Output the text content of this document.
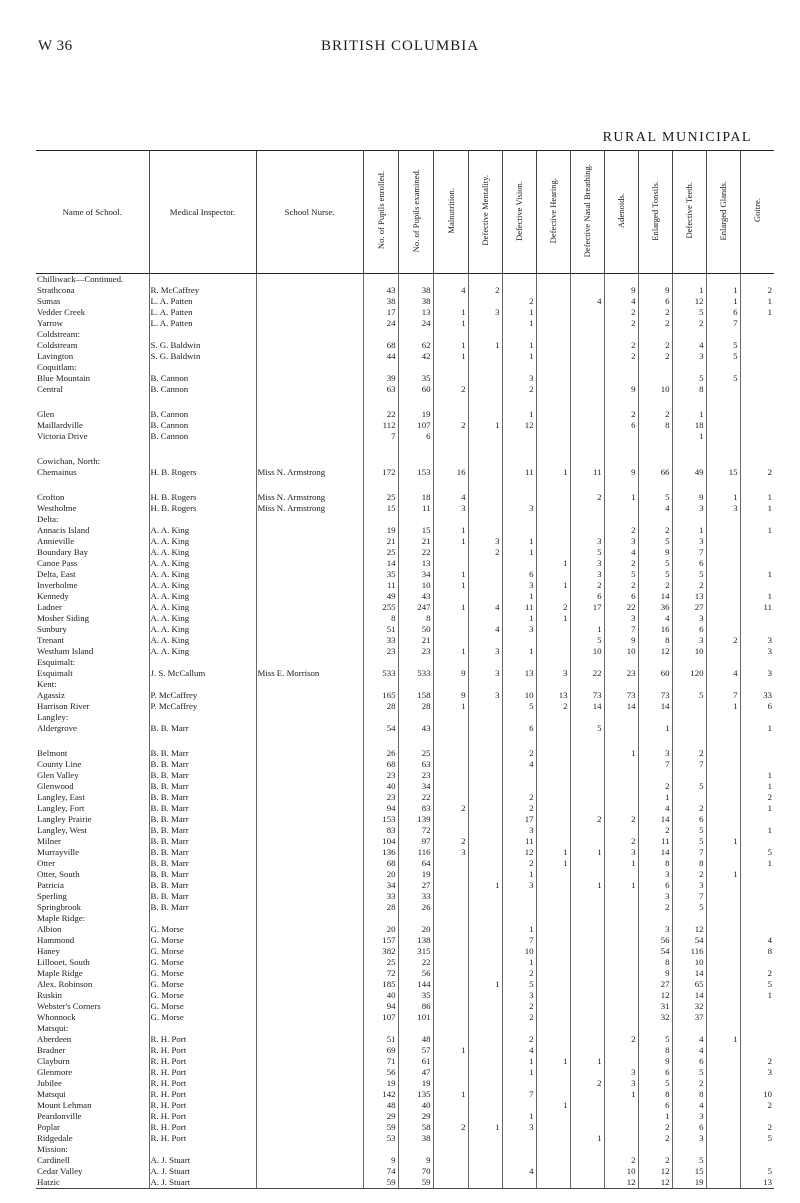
W 36	BRITISH COLUMBIA
RURAL MUNICIPAL
Name of School.	Medical Inspector.	School Nurse.	No. of Pupils enrolled.	No. of Pupils examined.	Malnutrition.	Defective Mentality.	Defective Vision.	Defective Hearing.	Defective Nasal Breathing.	Adenoids.	Enlarged Tonsils.	Defective Teeth.	Enlarged Glands.	Goitre.
Chilliwack—Continued.														
Strathcona	R. McCaffrey		43	38	4	2				9	9	1	1	2
Sumas	L. A. Patten		38	38			2		4	4	6	12	1	1
Vedder Creek	L. A. Patten		17	13	1	3	1			2	2	5	6	1
Yarrow	L. A. Patten		24	24	1		1			2	2	2	7	
Coldstream:														
Coldstream	S. G. Baldwin		68	62	1	1	1			2	2	4	5	
Lavington	S. G. Baldwin		44	42	1		1			2	2	3	5	
Coquitlam:														
Blue Mountain	B. Cannon		39	35			3					5	5	
Central	B. Cannon		63	60	2		2			9	10	8		

Glen	B. Cannon		22	19			1			2	2	1		
Maillardville	B. Cannon		112	107	2	1	12			6	8	18		
Victoria Drive	B. Cannon		7	6								1		

Cowichan, North:														
Chemainus	H. B. Rogers	Miss N. Armstrong	172	153	16		11	1	11	9	66	49	15	2

Crofton	H. B. Rogers	Miss N. Armstrong	25	18	4				2	1	5	9	1	1
Westholme	H. B. Rogers	Miss N. Armstrong	15	11	3		3				4	3	3	1
Delta:														
Annacis Island	A. A. King		19	15	1					2	2	1		1
Annieville	A. A. King		21	21	1	3	1		3	3	5	3		
Boundary Bay	A. A. King		25	22		2	1		5	4	9	7		
Canoe Pass	A. A. King		14	13				1	3	2	5	6		
Delta, East	A. A. King		35	34	1		6		3	5	5	5		1
Inverholme	A. A. King		11	10	1		3	1	2	2	2	2		
Kennedy	A. A. King		49	43			1		6	6	14	13		1
Ladner	A. A. King		255	247	1	4	11	2	17	22	36	27		11
Mosher Siding	A. A. King		8	8			1	1		3	4	3		
Sunbury	A. A. King		51	50		4	3		1	7	16	6		
Trenant	A. A. King		33	21					5	9	8	3	2	3
Westham Island	A. A. King		23	23	1	3	1		10	10	12	10		3
Esquimalt:														
Esquimalt	J. S. McCallum	Miss E. Morrison	533	533	9	3	13	3	22	23	60	120	4	3
Kent:														
Agassiz	P. McCaffrey		165	158	9	3	10	13	73	73	73	5	7	33
Harrison River	P. McCaffrey		28	28	1		5	2	14	14	14		1	6
Langley:														
Aldergrove	B. B. Marr		54	43			6		5		1			1

Belmont	B. B. Marr		26	25			2			1	3	2		
County Line	B. B. Marr		68	63			4				7	7		
Glen Valley	B. B. Marr		23	23										1
Glenwood	B. B. Marr		40	34							2	5		1
Langley, East	B. B. Marr		23	22			2				1			2
Langley, Fort	B. B. Marr		94	83	2		2				4	2		1
Langley Prairie	B. B. Marr		153	139			17		2	2	14	6		
Langley, West	B. B. Marr		83	72			3				2	5		1
Milner	B. B. Marr		104	97	2		11			2	11	5	1	
Murrayville	B. B. Marr		136	116	3		12	1	1	3	14	7		5
Otter	B. B. Marr		68	64			2	1		1	8	8		1
Otter, South	B. B. Marr		20	19			1				3	2	1	
Patricia	B. B. Marr		34	27		1	3		1	1	6	3		
Sperling	B. B. Marr		33	33							3	7		
Springbrook	B. B. Marr		28	26							2	5		
Maple Ridge:														
Albion	G. Morse		20	20			1				3	12		
Hammond	G. Morse		157	138			7				56	54		4
Haney	G. Morse		382	315			10				54	116		8
Lillooet, South	G. Morse		25	22			1				8	10		
Maple Ridge	G. Morse		72	56			2				9	14		2
Alex. Robinson	G. Morse		185	144		1	5				27	65		5
Ruskin	G. Morse		40	35			3				12	14		1
Webster's Corners	G. Morse		94	86			2				31	32		
Whonnock	G. Morse		107	101			2				32	37		
Matsqui:														
Aberdeen	R. H. Port		51	48			2			2	5	4	1	
Bradner	R. H. Port		69	57	1		4				8	4		
Clayburn	R. H. Port		71	61			1	1	1		9	6		2
Glenmore	R. H. Port		56	47			1			3	6	5		3
Jubilee	R. H. Port		19	19					2	3	5	2		
Matsqui	R. H. Port		142	135	1		7			1	8	8		10
Mount Lehman	R. H. Port		48	40				1			6	4		2
Peardonville	R. H. Port		29	29			1				1	3		
Poplar	R. H. Port		59	58	2	1	3				2	6		2
Ridgedale	R. H. Port		53	38					1		2	3		5
Mission:														
Cardinell	A. J. Stuart		9	9						2	2	5		
Cedar Valley	A. J. Stuart		74	70			4			10	12	15		5
Hatzic	A. J. Stuart		59	59						12	12	19		13
